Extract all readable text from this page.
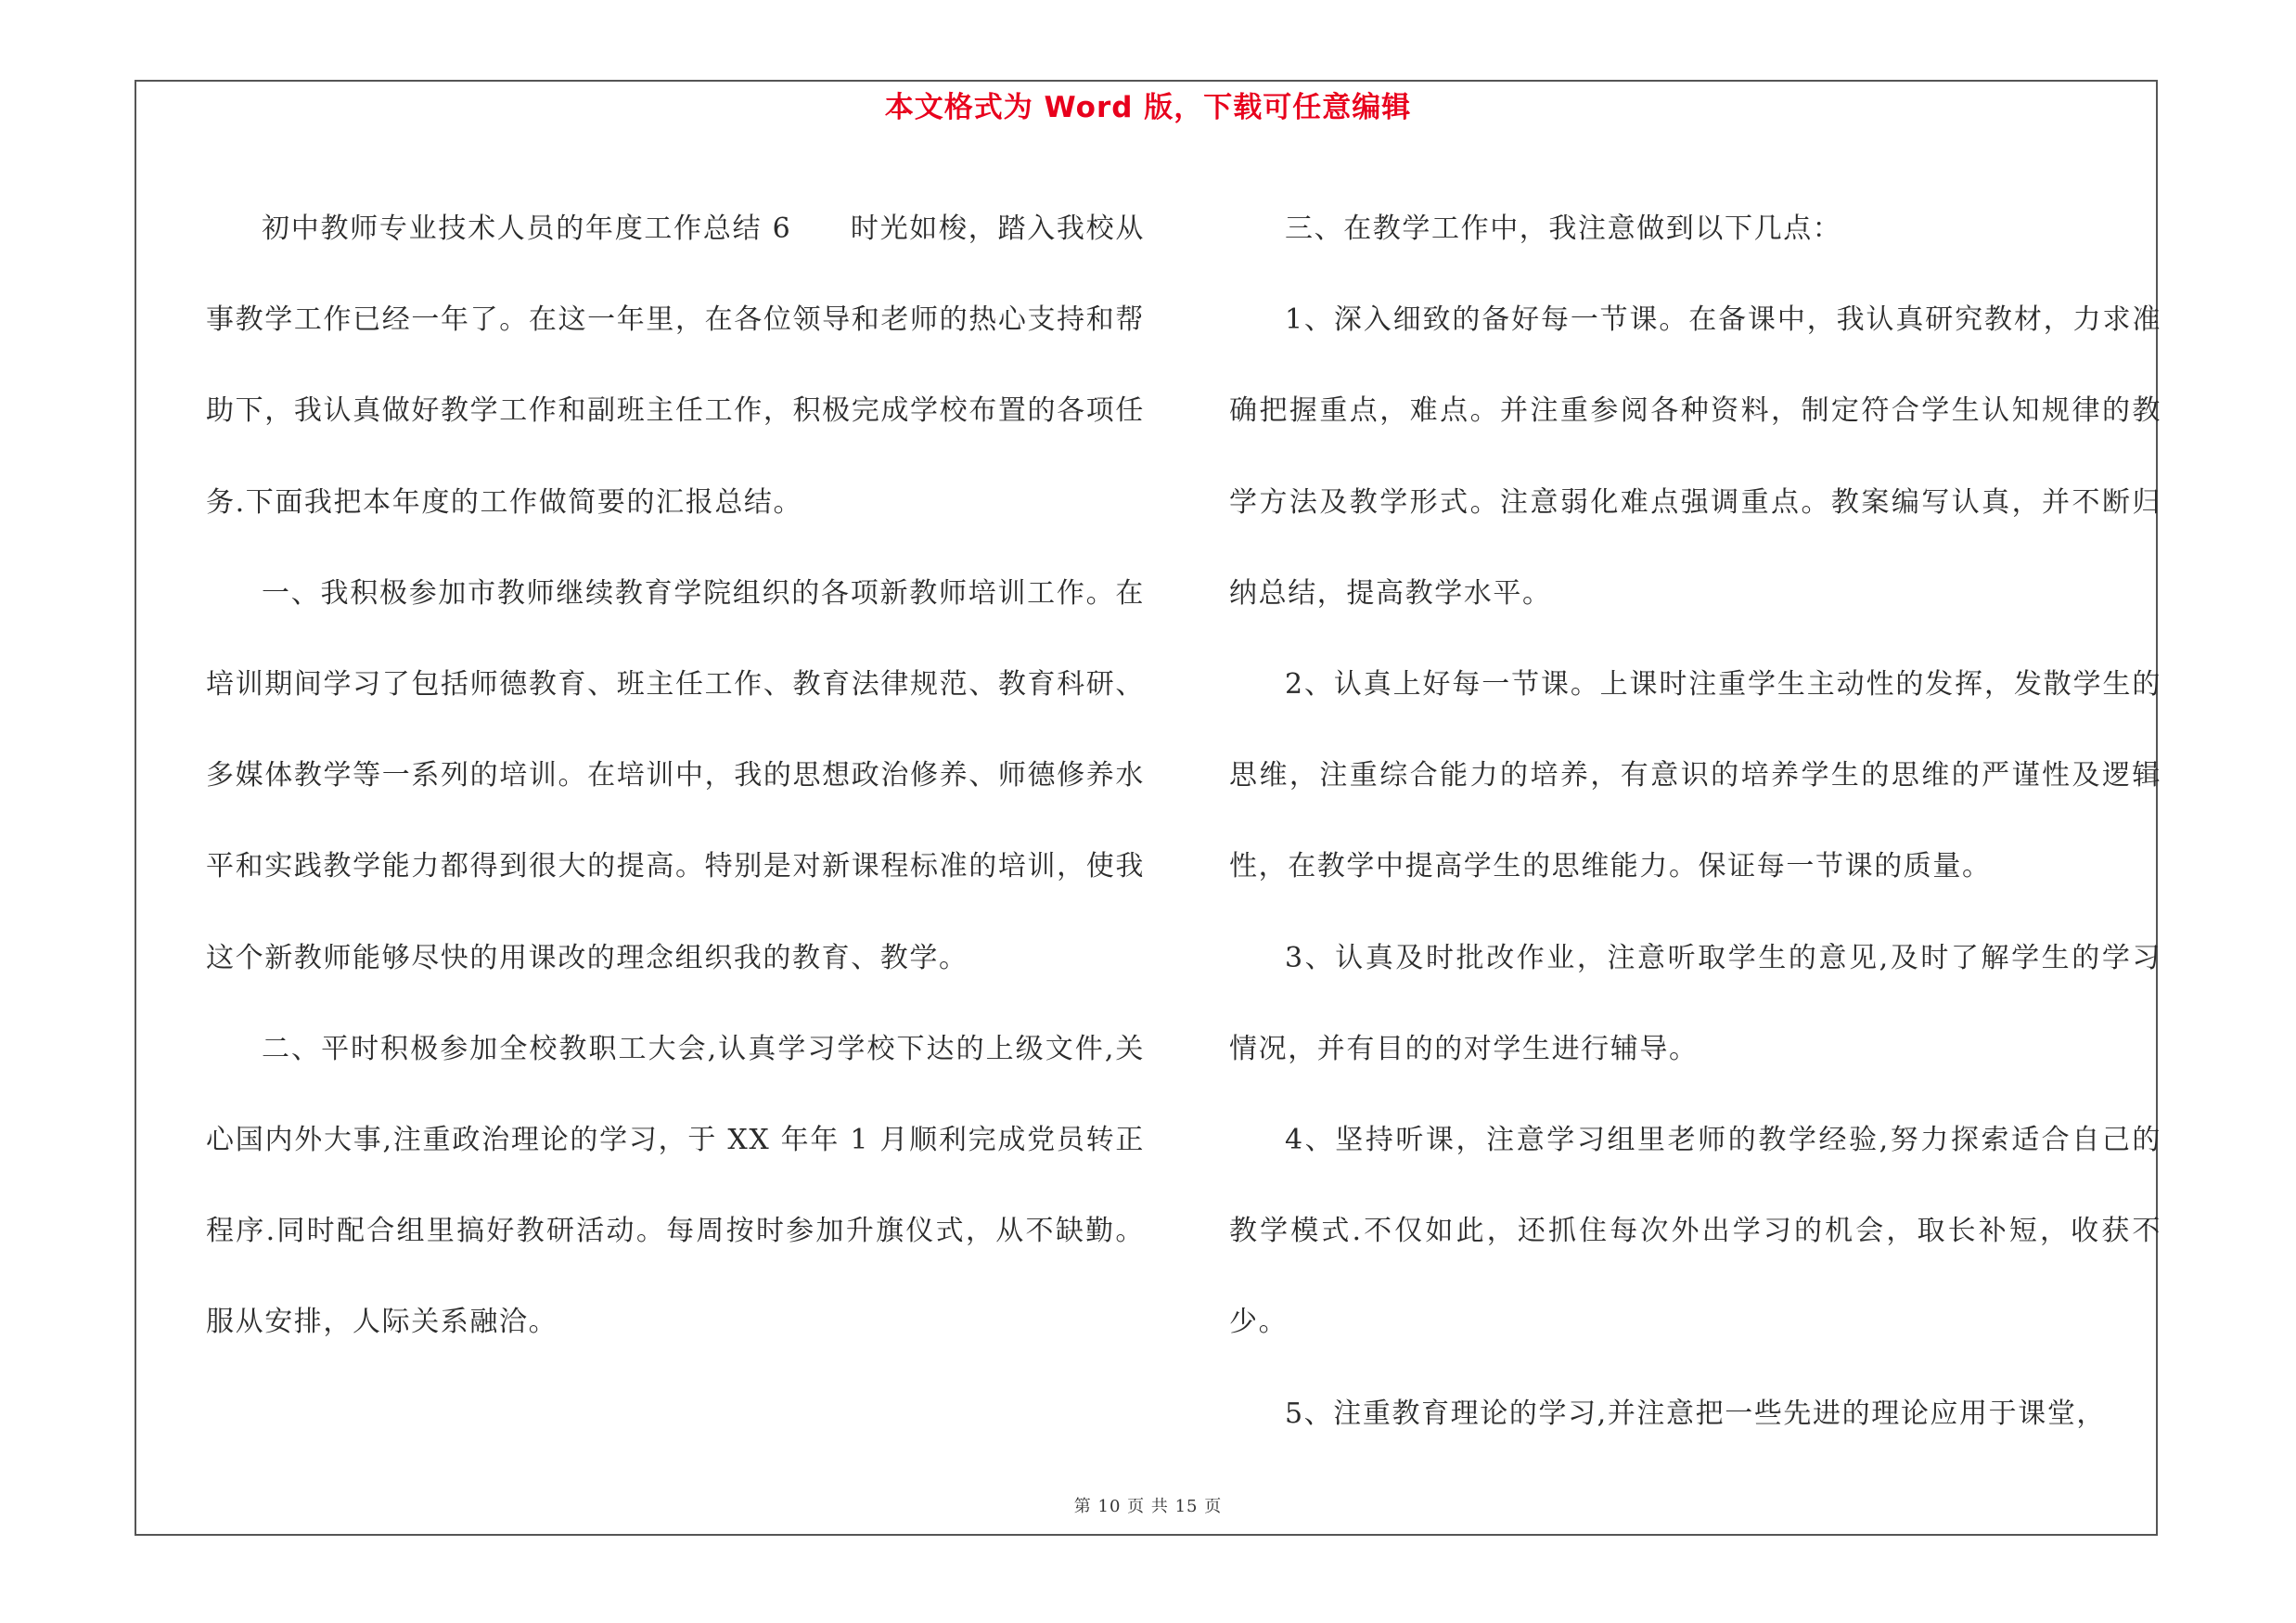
本文格式为 Word 版，下载可任意编辑

初中教师专业技术人员的年度工作总结 6　　时光如梭，踏入我校从事教学工作已经一年了。在这一年里，在各位领导和老师的热心支持和帮助下，我认真做好教学工作和副班主任工作，积极完成学校布置的各项任务.下面我把本年度的工作做简要的汇报总结。

一、我积极参加市教师继续教育学院组织的各项新教师培训工作。在培训期间学习了包括师德教育、班主任工作、教育法律规范、教育科研、多媒体教学等一系列的培训。在培训中，我的思想政治修养、师德修养水平和实践教学能力都得到很大的提高。特别是对新课程标准的培训，使我这个新教师能够尽快的用课改的理念组织我的教育、教学。

二、平时积极参加全校教职工大会,认真学习学校下达的上级文件,关心国内外大事,注重政治理论的学习，于 XX 年年 1 月顺利完成党员转正程序.同时配合组里搞好教研活动。每周按时参加升旗仪式，从不缺勤。服从安排，人际关系融洽。

三、在教学工作中，我注意做到以下几点：

1、深入细致的备好每一节课。在备课中，我认真研究教材，力求准确把握重点，难点。并注重参阅各种资料，制定符合学生认知规律的教学方法及教学形式。注意弱化难点强调重点。教案编写认真，并不断归纳总结，提高教学水平。

2、认真上好每一节课。上课时注重学生主动性的发挥，发散学生的思维，注重综合能力的培养，有意识的培养学生的思维的严谨性及逻辑性，在教学中提高学生的思维能力。保证每一节课的质量。

3、认真及时批改作业，注意听取学生的意见,及时了解学生的学习情况，并有目的的对学生进行辅导。

4、坚持听课，注意学习组里老师的教学经验,努力探索适合自己的教学模式.不仅如此，还抓住每次外出学习的机会，取长补短，收获不少。

5、注重教育理论的学习,并注意把一些先进的理论应用于课堂，

第 10 页 共 15 页
